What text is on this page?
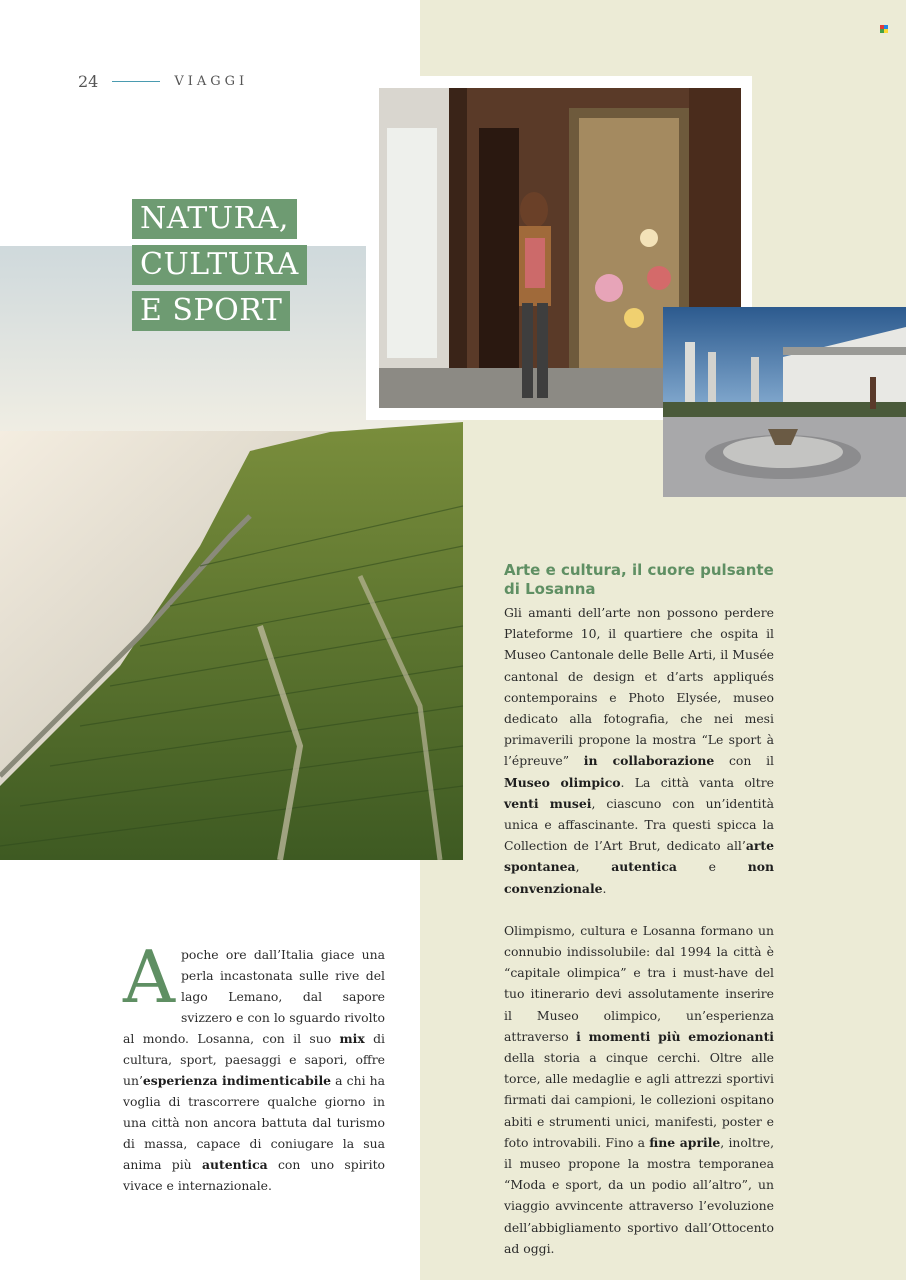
24	VIAGGI
NATURA,
CULTURA
E SPORT
A poche ore dall’Italia giace una perla incastonata sulle rive del lago Lemano, dal sapore svizzero e con lo sguardo rivolto al mondo. Losanna, con il suo mix di cultura, sport, paesaggi e sapori, offre un’esperienza indimenticabile a chi ha voglia di trascorrere qualche giorno in una città non ancora battuta dal turismo di massa, capace di coniugare la sua anima più autentica con uno spirito vivace e internazionale.
Arte e cultura, il cuore pulsante di Losanna

Gli amanti dell’arte non possono perdere Plateforme 10, il quartiere che ospita il Museo Cantonale delle Belle Arti, il Musée cantonal de design et d’arts appliqués contemporains e Photo Elysée, museo dedicato alla fotografia, che nei mesi primaverili propone la mostra “Le sport à l’épreuve” in collaborazione con il Museo olimpico. La città vanta oltre venti musei, ciascuno con un’identità unica e affascinante. Tra questi spicca la Collection de l’Art Brut, dedicato all’arte spontanea, autentica e non convenzionale.

Olimpismo, cultura e Losanna formano un connubio indissolubile: dal 1994 la città è “capitale olimpica” e tra i must-have del tuo itinerario devi assolutamente inserire il Museo olimpico, un’esperienza attraverso i momenti più emozionanti della storia a cinque cerchi. Oltre alle torce, alle medaglie e agli attrezzi sportivi firmati dai campioni, le collezioni ospitano abiti e strumenti unici, manifesti, poster e foto introvabili. Fino a fine aprile, inoltre, il museo propone la mostra temporanea “Moda e sport, da un podio all’altro”, un viaggio avvincente attraverso l’evoluzione dell’abbigliamento sportivo dall’Ottocento ad oggi.
